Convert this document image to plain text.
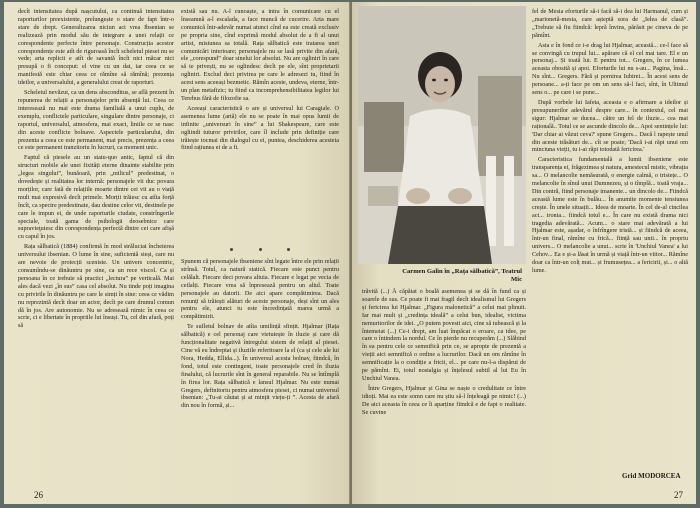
decît intensitatea după nașcutului, ca continuă intensitatea raporturilor preexistente, prelungește o stare de fapt într-o stare de drept. Generalizarea niciun act vrea Ibsenian se realizează prin modul său de integrare a unei relații ce corespondente perfecte între personaje. Construcția acestor corespondențe este atît de riguroasă încît scheletul piesei nu se vede; arta replicii e atît de savantă încît nici măcar nici presupă o fi conceput: el vine cu un dat, iar ceea ce se manifestă este chiar ceea ce rămîne să rămînă; prezența ideilor, a universalului, a generalului creat de raporturi.

Scheletul nevăzut, ca un dens absconditus, se află prezent în repunerea de relații a personajelor prin absență lui. Ceea ce interesează nu mai este drama familială a unui cuplu, de exemplu, conflictele particulare, singulare dintre personaje, ci raportul, universalul, atmosfera, mai exact, liniile ce se nasc din aceste conflicte bolnave. Aspectele particularului, din prezenta a ceea ce este permanent, mai precis, prezența a ceea ce este permanent tranzitoriu în lucruri, ca moment unic.

Faptul că piesele au un statu-quo antic, faptul că din structuri mobile ale unei fixități eterne dinainte stabilite prin „legea singului”, bunăoară, prin „milicul” predestinat, o dovedește și realitatea lor internă: personajele vii duc povara morților, care fată de relațiile moarte dintre cei vii au o viață mult mai expresivă decît primele. Morții trăiesc cu atîta forță încît, ca spectre predestinate, dau destine celor vii, destinele pe care le impun ei, de unde raporturile ciudate, constrîngerile speciale, toată gama de psihologii deosebnice care supravieţuiesc din corespondența perfectă dintre cei care afișă cu capul în jos.

Rața sălbatică (1884) confirmă în mod străluciat încheierea universului ibsenian. O lume în sine, suficientă sieși, care nu are nevoie de proiecții sceniste. Un univers concentric, consumîndu-se dinăuntru pe sine, ca un rece viscol. Ca și persoana în ce trebuie să practici „lectura” pe verticală. Mai ales dacă vezi „în sus” casa cel absolut. Nu tinde poți imagina cu privirile în dinăuntru pe care le simți în sine: ceea ce vădim nu reprezintă decît doar un actor, decît pe care drumul comun dă în jos. Are autonomie. Nu se adresează nimic în ceea ce scrie, ci e libertate în propriile lui însuși. Tu, cel din afară, poți să

există sau nu. A-l cunoaște, a intra în comunicare cu el înseamnă a-l escalada, a face muncă de cucerire. Arta mare comunică într-adevăr numai atunci cînd ea este creată exclusiv pe propria sine, cînd exprimă modul absolut de a fi al unui artist, misiunea sa totală. Rața sălbatică este tratarea unei comunicări interioare; personajele nu se lasă privite din afară, ele „corespund” doar sinelui lor absolut. Nu are ogliniri în care să te privești, nu se oglindesc decît pe ele, sînt proprietarii ogliniri. Exclud deci privirea pe care le adresezi tu, fiind în acest sens aceeași bezmetic. Rămîn aceste, undeva, eterne, într-un plan metafizic; tu fiind ca incomprehensibilitatea legilor lui Terebus fără de filozofie sa.

Aceeași caracteristică o are și universul lui Caragiale. O asemenea lume (artă) ele nu se poate în mai opus lumii de infinite „universuri în sine” a lui Shakespeare, care este ogliindi tuturor privirilor, care îl include prin definiție care trăiește tocmai din dialogul cu ei, puntea, deschiderea acesteia fiind rațiunea ei de a fi.

Spunem că personajele ibseniene sînt legate între ele prin relații strînsă. Totul, ca natură statică. Fiecare este punct pentru celălalt. Fiecare deci povara altuia. Fiecare e legat pe vecia de ceilalți. Fiecare vrea să înpresează pentru un altul. Toate personajele au datorii. De aici apare compătimirea. Dacă renunți să trăiești alături de aceste personaje, deși sînt un ales pentru ele, atunci tu este încredințată marea urmă a compătimirii.

Te sufletul bolnav de atîta umilință sfințit. Hjalmar (Rața sălbatică) e cel personaj care vietuiește în iluzie și care dă funcționalitate negativă întregului sistem de relații al piesei. Cine vă eu îndreptat și iluziile referitoare la el (ca și cele ale lui Nora, Hedda, Ellida...). În universul acesta bolnav, fiindcă, în fond, totul este contingent, toate personajele cred în iluzia finalului, că lucrurile sînt în general reparabile. Nu se întîmplă în firea lor. Rața sălbatică e lansul Hjalmar. Nu este numai Gregers, definitoriu pentru atmosfera piesei, ci numai universul ibsenian: „Tu-ai căutat și ai mințit viețu-ți ”. Acesta de afară din nou în formă, și...

26
Carmen Galin în „Rața sălbatică”, Teatrul Mic

trăvită (...) Ă căpătat o boală asemenea și se dă în fund ca și soarele de sus. Ce poate fi mai fragil decît idealismul lui Gregers și fericirea lui Hjalmar. „Figura malonetică” a celui mai plinuit. Iar mai mult și „credința ideală” a celui bun, idealist, victima nemuritorilor de idei. „O putem povesti aici, cine să iubească și la întemeiat (...) Ce-i drept, am luat împăcat o eroare, ca idee, pe care o întindem la nordul. Ce în pierde nu recuperăm (...) Slăbind în ea pentru cele ce semnifică prin ce, se apropie de prezentă a vieții aici semnifică o ordine a lucrurilor. Dacă un om rămîne în semnificație la o condiție a fricii, el... pe care nu-l-a dispărut de pe pămînt. Ei, totul nostalgia și înțelesul subtil al lui Eu în Unchiul Vanea.

Între Gregers, Hjalmar și Gina se naște o credulitate ce între idioți. Mai ea este somn care nu știu să-l înțeleagă pe nimic! (...) De aici aceasta în ceea ce îi aparține fiindcă e de fapt o realitate. Se cuvine

fel de Mesia eforturile să-i facă să-i dea lui Harmanul, cum și „marionetă-mesia, care așteptă sora de „Ielea de clasă”. „Trebuie să fiu fiindcă: lepră învins, părăsit pe cineva de pe pămînt.

Asta e în fond ce i-e drag lui Hjalmar, această... ce-l face să se convingă cu trupul lui... apărare că el cel mai tare. El e un personaj... Și toată lui. E pentru tot... Gregers, în ce lumea aceasta obosită și apoi. Eforturile lui nu s-au... Pagina, însă... Nu sînt... Gregers. Fără și pornirea Iubirei... În acest sens de persoane... a-ți face pe om un sens să-l faci, sînt, în Ultimul sens o... pe care i se pune...

După vorbele lui Iafeta, aceasta e o afirmare a ideilor și presupunerilor adevărul despre care... în contextul, cel mai sigur: Hjalmar se ducea... către un fel de iluzie... cea mai rațională.. Totul ce se ascunde dincolo de... Apoi sentințele lui: 'Dar chiar ai văzut ceva?' spune Gregers... Dacă l rapește unul din aceste trăsături de... cît se poate; 'Dacă i-ai răpi unui om minciuna vieții, tu i-ai răpi totodată fericirea.'

Caracteristica fundamentală a lumii ibseniene este transparența ei, frăgezimea și natura, amestecul mistic, vibrația sa... O melancolie nemăsurată, o energie calmă, o tristețe... O melancolie în sînul unui Dumnezeu, și o tîmplă... toată vraja... Din contră, fiind personaje imanente... un dincolo de... Fiindcă această lume este în bulău... În anumite momente tensiunea crește. În unele situații... Ideea de moarte. În cel de-al cincilea act... ironia... fiindcă totul e... În care nu există drama nici tragedia adevărată... Acum... o stare mai adevărată a lui Hjalmar este, așadar, o înfrîngere tristă... și fiindcă de aceea, într-un final, rămîne cu frică... ființă sau unii... în propriu univers... O melancolie a unui... scrie în 'Unchiul Vanea' a lui Cehov... Ea e și-a lăsat în urmă și viață într-un viitor... Rămîne doar ca într-un colț mut... și frumusețea... a fericirii, și... o altă lume.

Grid MODORCEA
27
